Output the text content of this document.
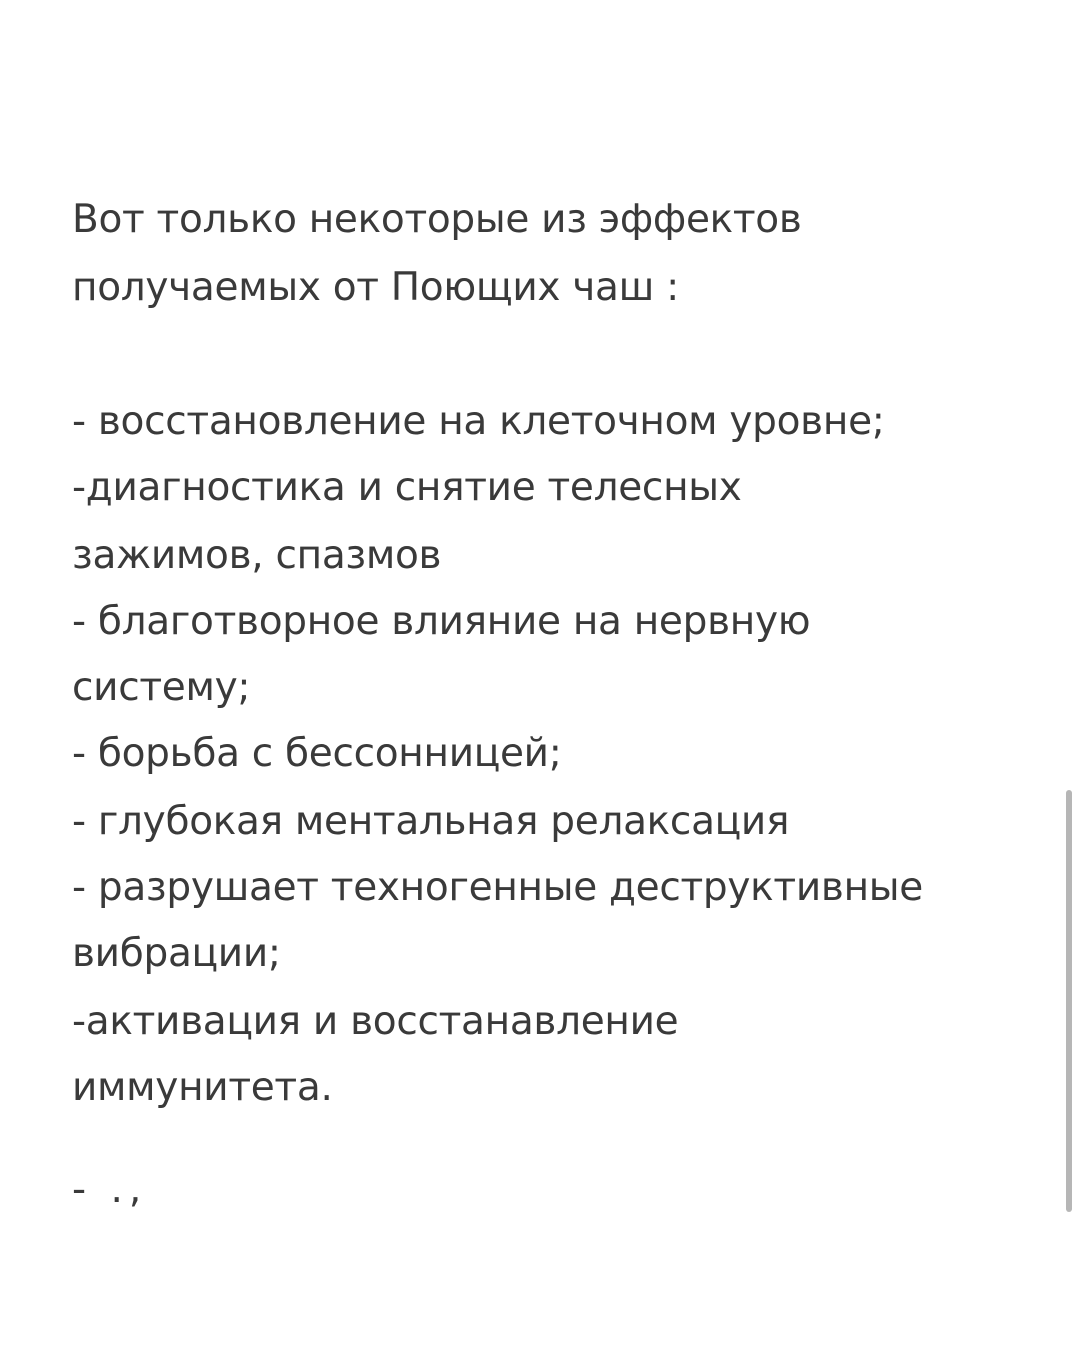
Вот только некоторые из эффектов

получаемых от Поющих чаш :

- восстановление на клеточном уровне;

-диагностика и снятие телесных

зажимов, спазмов

- благотворное влияние на нервную

систему;

- борьба с бессонницей;

- глубокая ментальная релаксация

- разрушает техногенные деструктивные

вибрации;

-активация и восстанавление

иммунитета.

- .,
